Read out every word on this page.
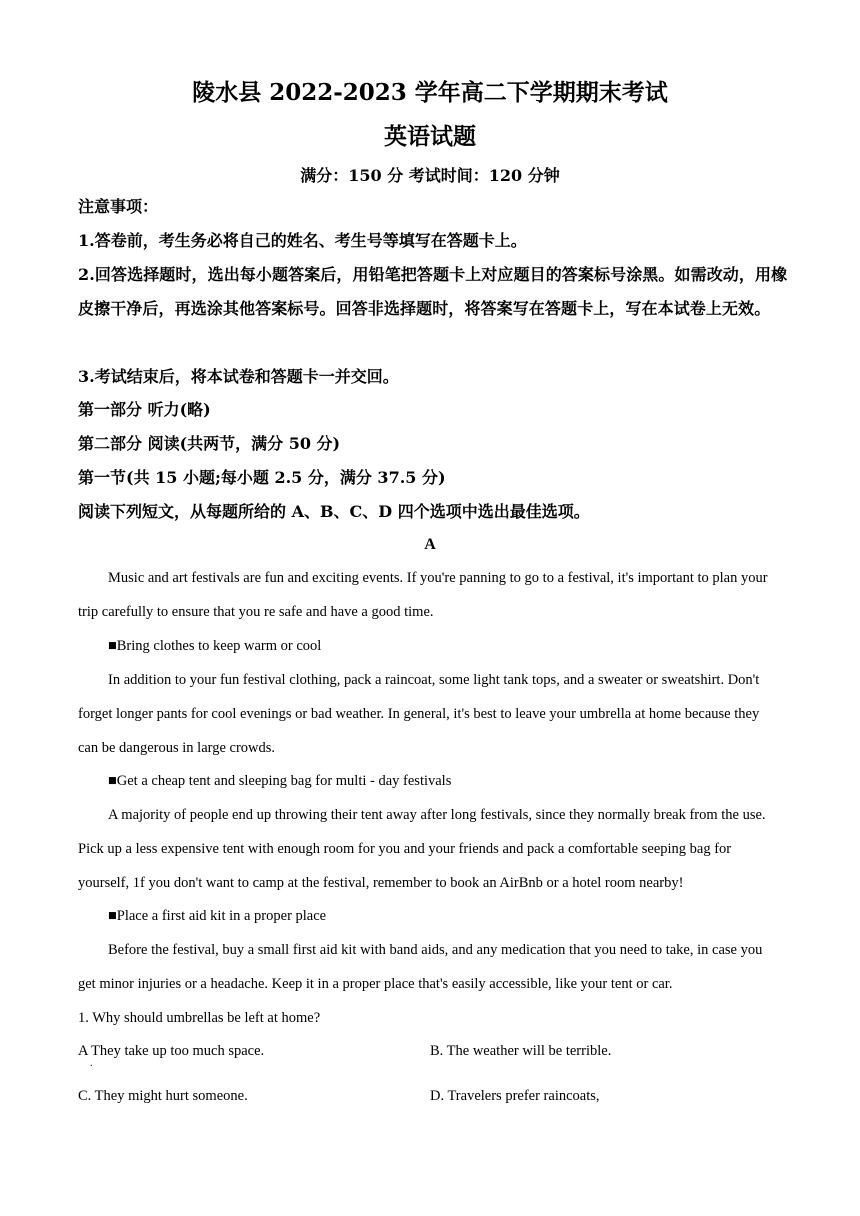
陵水县 2022-2023 学年高二下学期期末考试
英语试题
满分：150 分 考试时间：120 分钟
注意事项：
1.答卷前，考生务必将自己的姓名、考生号等填写在答题卡上。
2.回答选择题时，选出每小题答案后，用铅笔把答题卡上对应题目的答案标号涂黑。如需改动，用橡皮擦干净后，再选涂其他答案标号。回答非选择题时，将答案写在答题卡上，写在本试卷上无效。
3.考试结束后，将本试卷和答题卡一并交回。
第一部分 听力(略)
第二部分 阅读(共两节，满分 50 分)
第一节(共 15 小题;每小题 2.5 分，满分 37.5 分)
阅读下列短文，从每题所给的 A、B、C、D 四个选项中选出最佳选项。
A
Music and art festivals are fun and exciting events. If you're panning to go to a festival, it's important to plan your trip carefully to ensure that you re safe and have a good time.
■Bring clothes to keep warm or cool
In addition to your fun festival clothing, pack a raincoat, some light tank tops, and a sweater or sweatshirt. Don't forget longer pants for cool evenings or bad weather. In general, it's best to leave your umbrella at home because they can be dangerous in large crowds.
■Get a cheap tent and sleeping bag for multi - day festivals
A majority of people end up throwing their tent away after long festivals, since they normally break from the use. Pick up a less expensive tent with enough room for you and your friends and pack a comfortable seeping bag for yourself, 1f you don't want to camp at the festival, remember to book an AirBnb or a hotel room nearby!
■Place a first aid kit in a proper place
Before the festival, buy a small first aid kit with band aids, and any medication that you need to take, in case you get minor injuries or a headache. Keep it in a proper place that's easily accessible, like your tent or car.
1. Why should umbrellas be left at home?
A They take up too much space.
.
B. The weather will be terrible.
C. They might hurt someone.	D. Travelers prefer raincoats,
